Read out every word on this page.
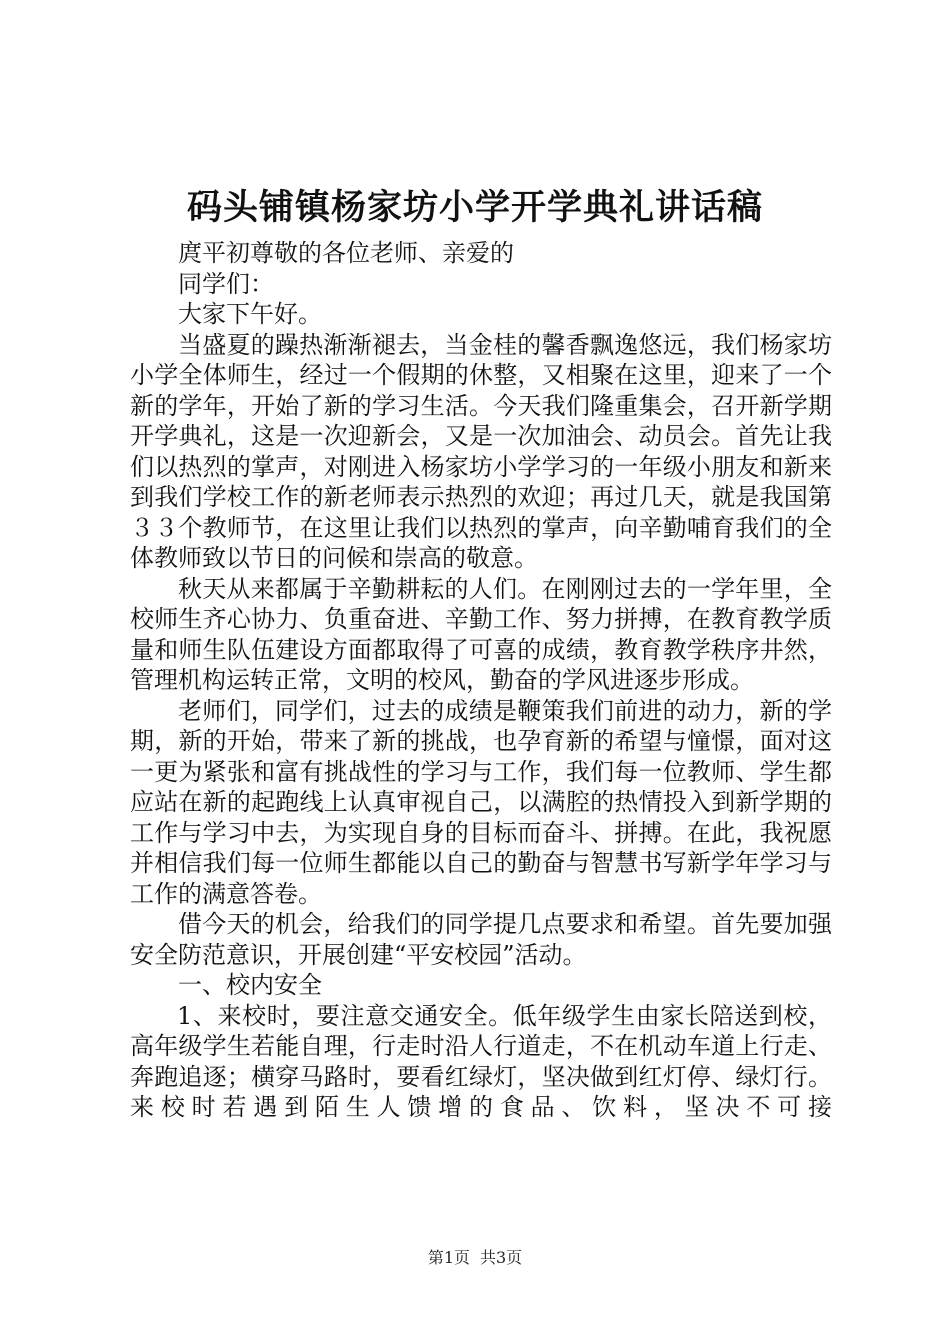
码头铺镇杨家坊小学开学典礼讲话稿

庹平初尊敬的各位老师、亲爱的

同学们：

大家下午好。

当盛夏的躁热渐渐褪去，当金桂的馨香飘逸悠远，我们杨家坊小学全体师生，经过一个假期的休整，又相聚在这里，迎来了一个新的学年，开始了新的学习生活。今天我们隆重集会，召开新学期开学典礼，这是一次迎新会，又是一次加油会、动员会。首先让我们以热烈的掌声，对刚进入杨家坊小学学习的一年级小朋友和新来到我们学校工作的新老师表示热烈的欢迎；再过几天，就是我国第３３个教师节，在这里让我们以热烈的掌声，向辛勤哺育我们的全体教师致以节日的问候和崇高的敬意。

秋天从来都属于辛勤耕耘的人们。在刚刚过去的一学年里，全校师生齐心协力、负重奋进、辛勤工作、努力拼搏，在教育教学质量和师生队伍建设方面都取得了可喜的成绩，教育教学秩序井然，管理机构运转正常，文明的校风，勤奋的学风进逐步形成。

老师们，同学们，过去的成绩是鞭策我们前进的动力，新的学期，新的开始，带来了新的挑战，也孕育新的希望与憧憬，面对这一更为紧张和富有挑战性的学习与工作，我们每一位教师、学生都应站在新的起跑线上认真审视自己，以满腔的热情投入到新学期的工作与学习中去，为实现自身的目标而奋斗、拼搏。在此，我祝愿并相信我们每一位师生都能以自己的勤奋与智慧书写新学年学习与工作的满意答卷。

借今天的机会，给我们的同学提几点要求和希望。首先要加强安全防范意识，开展创建“平安校园”活动。

一、校内安全

1、来校时，要注意交通安全。低年级学生由家长陪送到校，高年级学生若能自理，行走时沿人行道走，不在机动车道上行走、奔跑追逐；横穿马路时，要看红绿灯，坚决做到红灯停、绿灯行。来校时若遇到陌生人馈增的食品、饮料，坚决不可接

第1页 共3页
